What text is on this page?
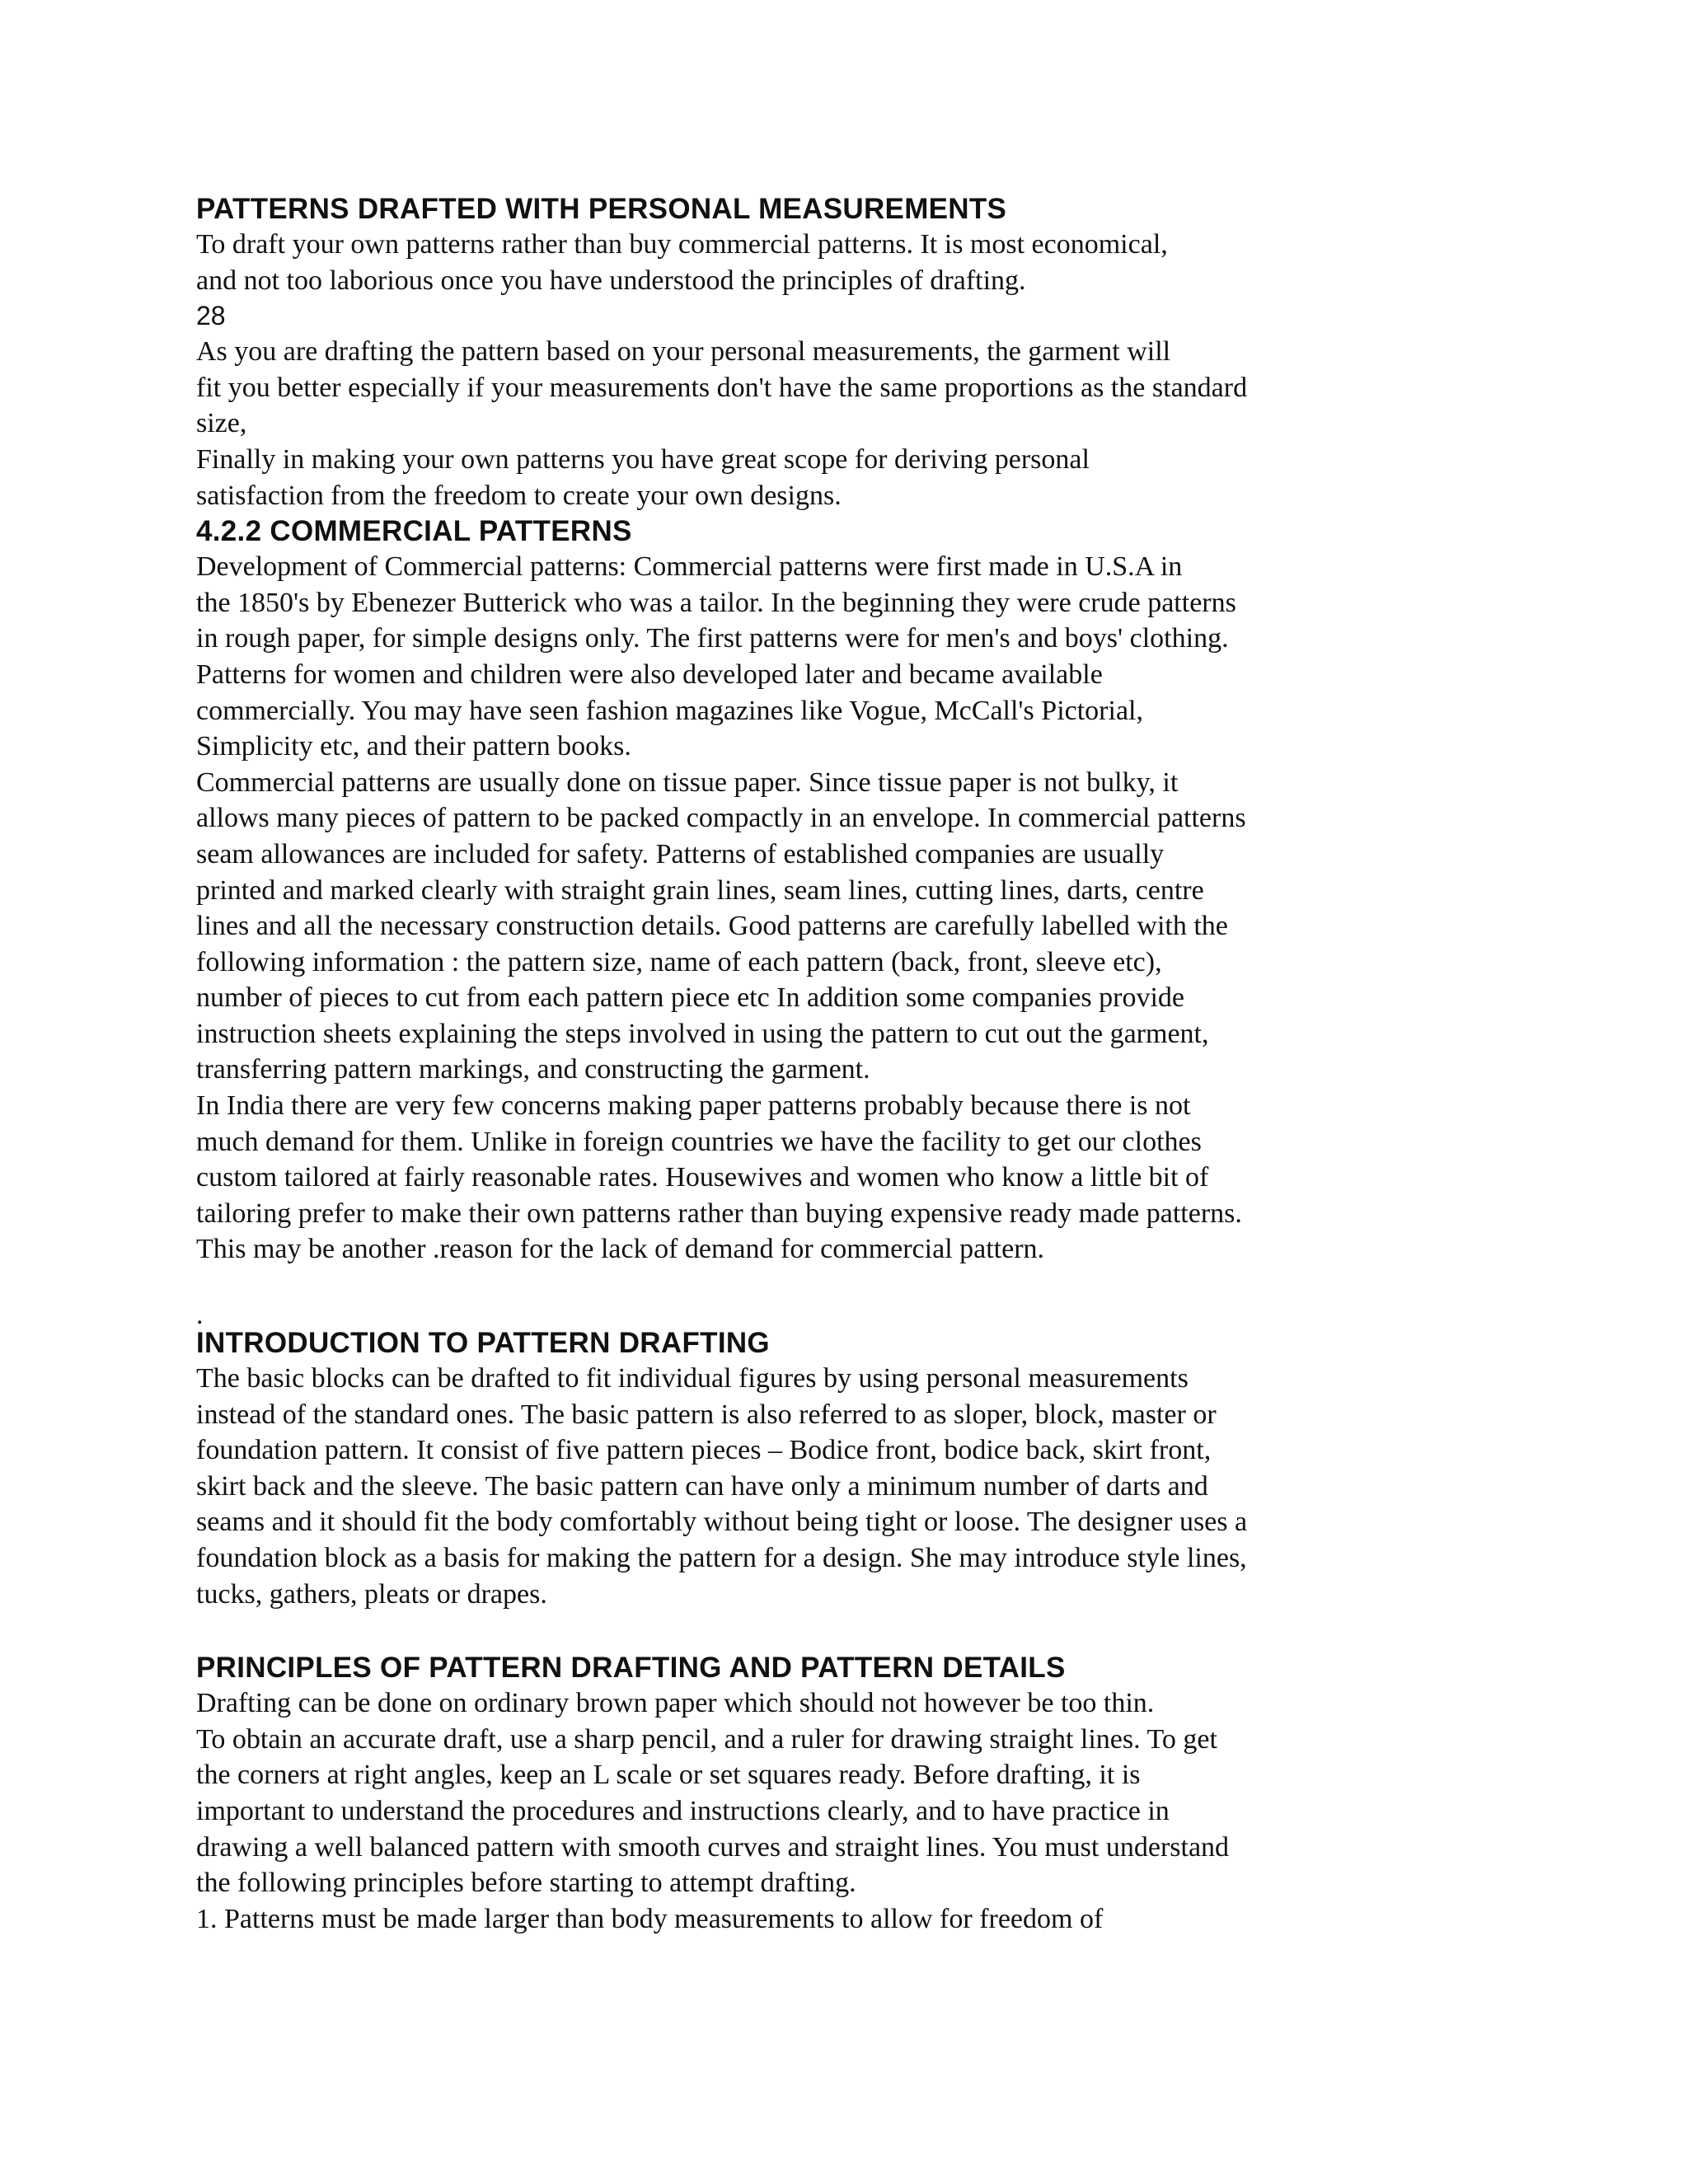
PATTERNS DRAFTED WITH PERSONAL MEASUREMENTS

To draft your own patterns rather than buy commercial patterns. It is most economical,

and not too laborious once you have understood the principles of drafting.

28

As you are drafting the pattern based on your personal measurements, the garment will

fit you better especially if your measurements don't have the same proportions as the standard

size,

Finally in making your own patterns you have great scope for deriving personal

satisfaction from the freedom to create your own designs.

4.2.2 COMMERCIAL PATTERNS

Development of Commercial patterns: Commercial patterns were first made in U.S.A in

the 1850's by Ebenezer Butterick who was a tailor. In the beginning they were crude patterns

in rough paper, for simple designs only. The first patterns were for men's and boys' clothing.

Patterns for women and children were also developed later and became available

commercially. You may have seen fashion magazines like Vogue, McCall's Pictorial,

Simplicity etc, and their pattern books.

Commercial patterns are usually done on tissue paper. Since tissue paper is not bulky, it

allows many pieces of pattern to be packed compactly in an envelope. In commercial patterns

seam allowances are included for safety. Patterns of established companies are usually

printed and marked clearly with straight grain lines, seam lines, cutting lines, darts, centre

lines and all the necessary construction details. Good patterns are carefully labelled with the

following information : the pattern size, name of each pattern (back, front, sleeve etc),

number of pieces to cut from each pattern piece etc In addition some companies provide

instruction sheets explaining the steps involved in using the pattern to cut out the garment,

transferring pattern markings, and constructing the garment.

In India there are very few concerns making paper patterns probably because there is not

much demand for them. Unlike in foreign countries we have the facility to get our clothes

custom tailored at fairly reasonable rates. Housewives and women who know a little bit of

tailoring prefer to make their own patterns rather than buying expensive ready made patterns.

This may be another .reason for the lack of demand for commercial pattern.

.

INTRODUCTION TO PATTERN DRAFTING

The basic blocks can be drafted to fit individual figures by using personal measurements

instead of the standard ones. The basic pattern is also referred to as sloper, block, master or

foundation pattern. It consist of five pattern pieces – Bodice front, bodice back, skirt front,

skirt back and the sleeve. The basic pattern can have only a minimum number of darts and

seams and it should fit the body comfortably without being tight or loose. The designer uses a

foundation block as a basis for making the pattern for a design. She may introduce style lines,

tucks, gathers, pleats or drapes.

PRINCIPLES OF PATTERN DRAFTING AND PATTERN DETAILS

Drafting can be done on ordinary brown paper which should not however be too thin.

To obtain an accurate draft, use a sharp pencil, and a ruler for drawing straight lines. To get

the corners at right angles, keep an L scale or set squares ready. Before drafting, it is

important to understand the procedures and instructions clearly, and to have practice in

drawing a well balanced pattern with smooth curves and straight lines. You must understand

the following principles before starting to attempt drafting.

1. Patterns must be made larger than body measurements to allow for freedom of
